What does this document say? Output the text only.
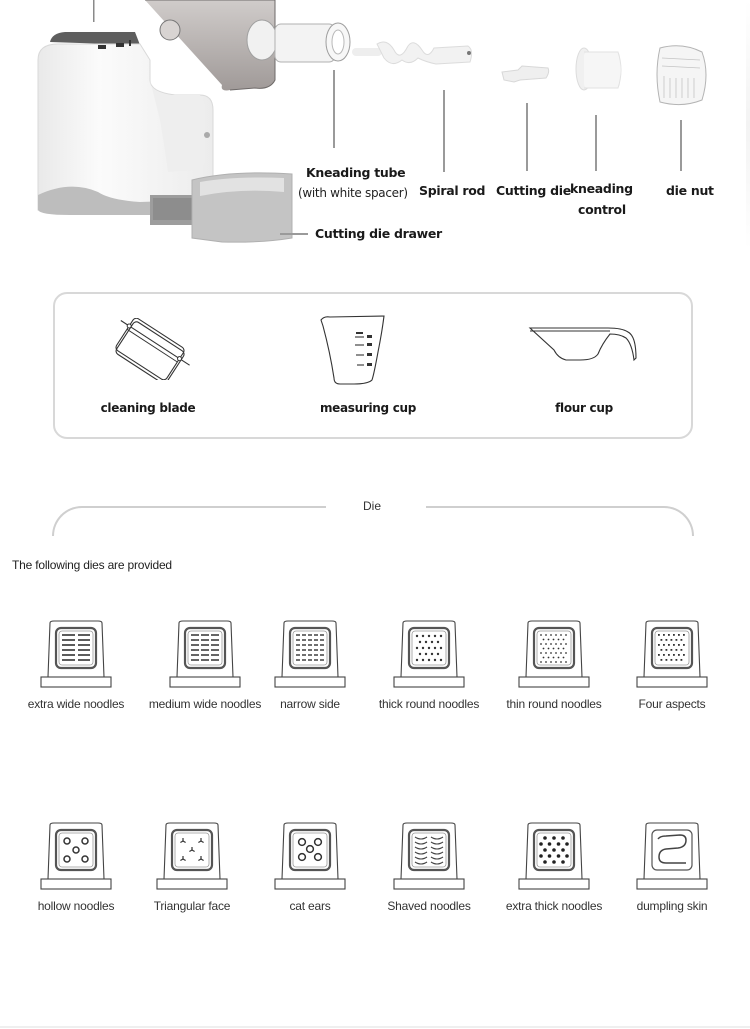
Kneading tube
(with white spacer)
Cutting die drawer
Spiral rod Cutting die kneading
control
die nut
cleaning blade	measuring cup	flour cup
Die
The following dies are provided
extra wide noodles	medium wide noodles	narrow side	thick round noodles	thin round noodles	Four aspects
hollow noodles	Triangular face	cat ears	Shaved noodles	extra thick noodles	dumpling skin
